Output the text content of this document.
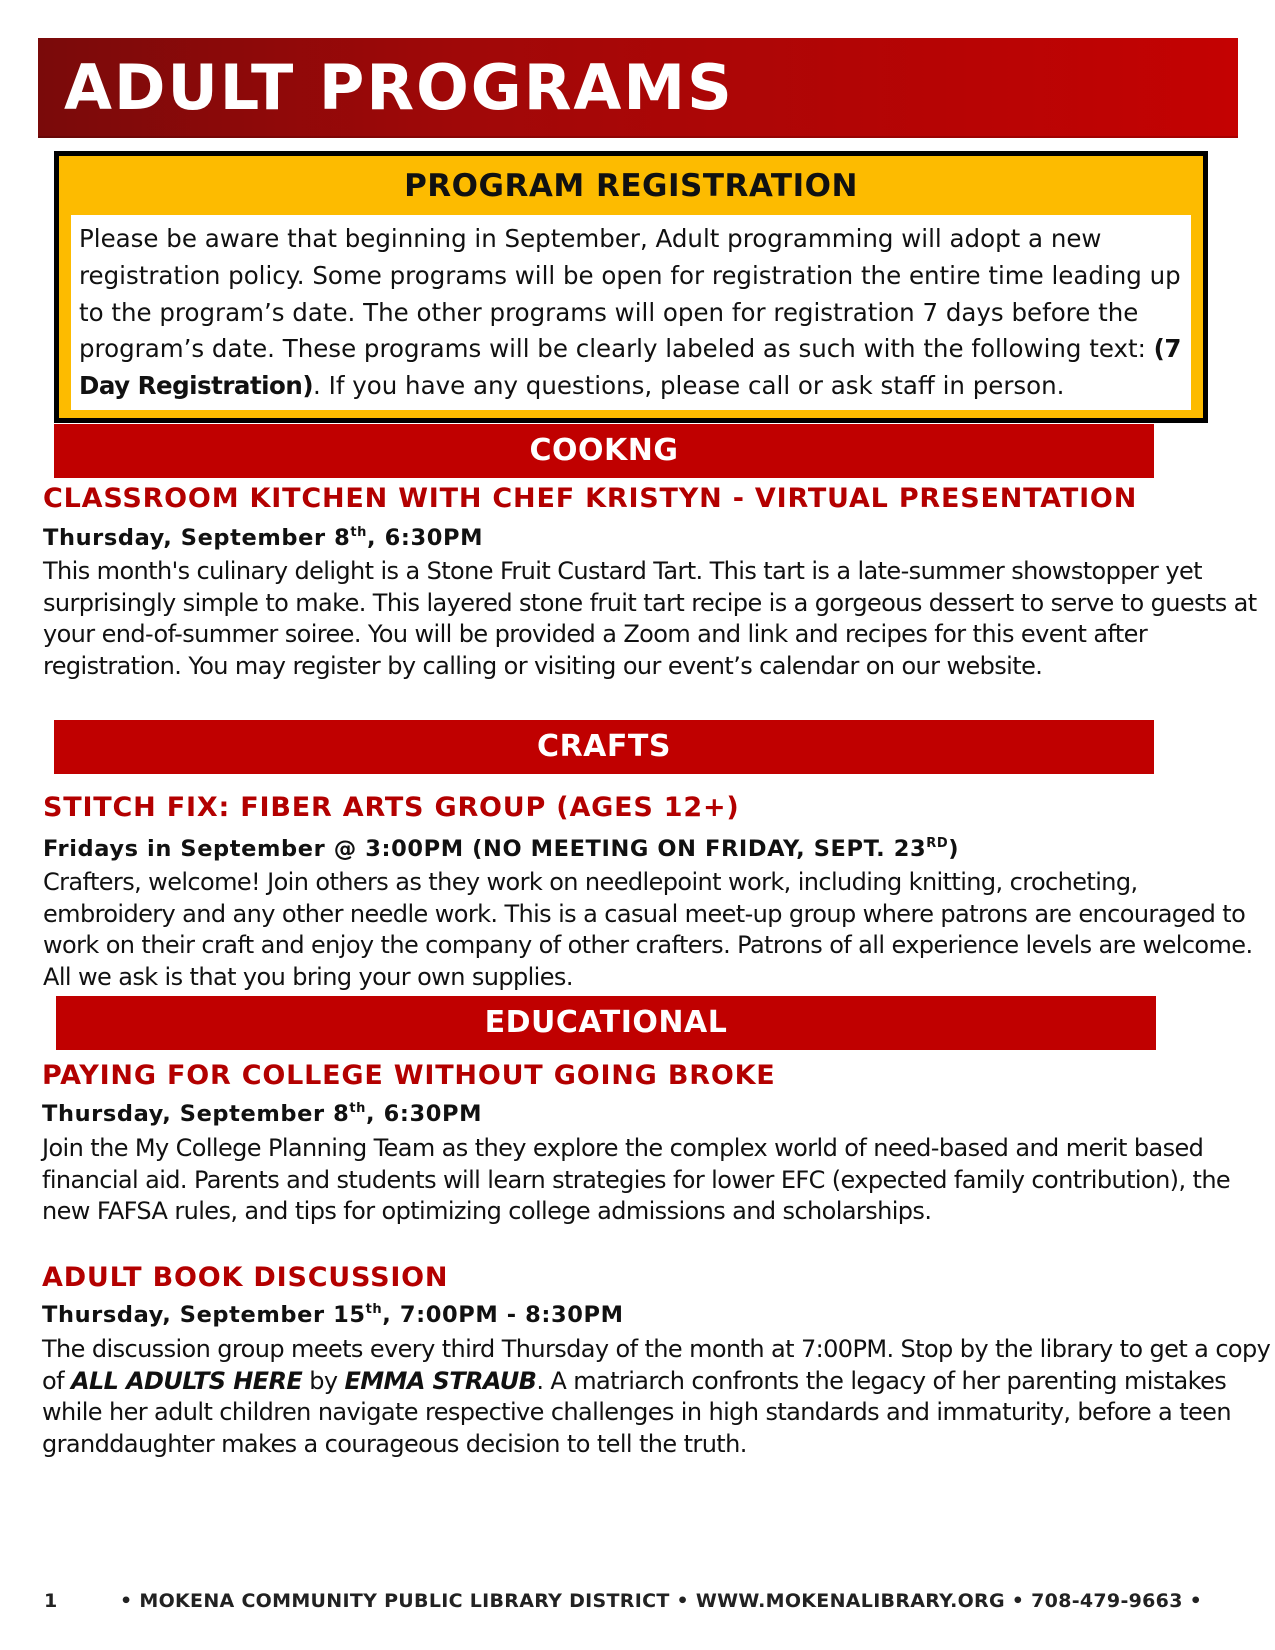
ADULT PROGRAMS
PROGRAM REGISTRATION
Please be aware that beginning in September, Adult programming will adopt a new registration policy. Some programs will be open for registration the entire time leading up to the program’s date. The other programs will open for registration 7 days before the program’s date. These programs will be clearly labeled as such with the following text: (7 Day Registration). If you have any questions, please call or ask staff in person.
COOKNG
CLASSROOM KITCHEN WITH CHEF KRISTYN - VIRTUAL PRESENTATION
Thursday, September 8th, 6:30PM
This month's culinary delight is a Stone Fruit Custard Tart. This tart is a late-summer showstopper yet surprisingly simple to make. This layered stone fruit tart recipe is a gorgeous dessert to serve to guests at your end-of-summer soiree. You will be provided a Zoom and link and recipes for this event after registration. You may register by calling or visiting our event’s calendar on our website.
CRAFTS
STITCH FIX: FIBER ARTS GROUP (AGES 12+)
Fridays in September @ 3:00PM (NO MEETING ON FRIDAY, SEPT. 23RD)
Crafters, welcome! Join others as they work on needlepoint work, including knitting, crocheting, embroidery and any other needle work. This is a casual meet-up group where patrons are encouraged to work on their craft and enjoy the company of other crafters. Patrons of all experience levels are welcome. All we ask is that you bring your own supplies.
EDUCATIONAL
PAYING FOR COLLEGE WITHOUT GOING BROKE
Thursday, September 8th, 6:30PM
Join the My College Planning Team as they explore the complex world of need-based and merit based financial aid. Parents and students will learn strategies for lower EFC (expected family contribution), the new FAFSA rules, and tips for optimizing college admissions and scholarships.
ADULT BOOK DISCUSSION
Thursday, September 15th, 7:00PM - 8:30PM
The discussion group meets every third Thursday of the month at 7:00PM. Stop by the library to get a copy of ALL ADULTS HERE by EMMA STRAUB. A matriarch confronts the legacy of her parenting mistakes while her adult children navigate respective challenges in high standards and immaturity, before a teen granddaughter makes a courageous decision to tell the truth.
1	• MOKENA COMMUNITY PUBLIC LIBRARY DISTRICT • WWW.MOKENALIBRARY.ORG • 708-479-9663 •
